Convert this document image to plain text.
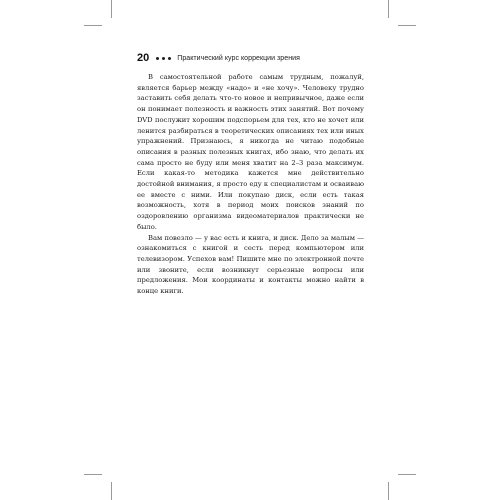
20	Практический курс коррекции зрения

В самостоятельной работе самым трудным, пожалуй, является барьер между «надо» и «не хочу». Человеку трудно заставить себя делать что-то новое и непривычное, даже если он понимает полезность и важность этих занятий. Вот почему DVD послужит хорошим подспорьем для тех, кто не хочет или ленится разбираться в теоретических описаниях тех или иных упражнений. Признаюсь, я никогда не читаю подобные описания в разных полезных книгах, ибо знаю, что делать их сама просто не буду или меня хватит на 2–3 раза максимум. Если какая-то методика кажется мне действительно достойной внимания, я просто еду к специалистам и осваиваю ее вместе с ними. Или покупаю диск, если есть такая возможность, хотя в период моих поисков знаний по оздоровлению организма видеоматериалов практически не было.

Вам повезло — у вас есть и книга, и диск. Дело за малым — ознакомиться с книгой и сесть перед компьютером или телевизором. Успехов вам! Пишите мне по электронной почте или звоните, если возникнут серьезные вопросы или предложения. Мои координаты и контакты можно найти в конце книги.
